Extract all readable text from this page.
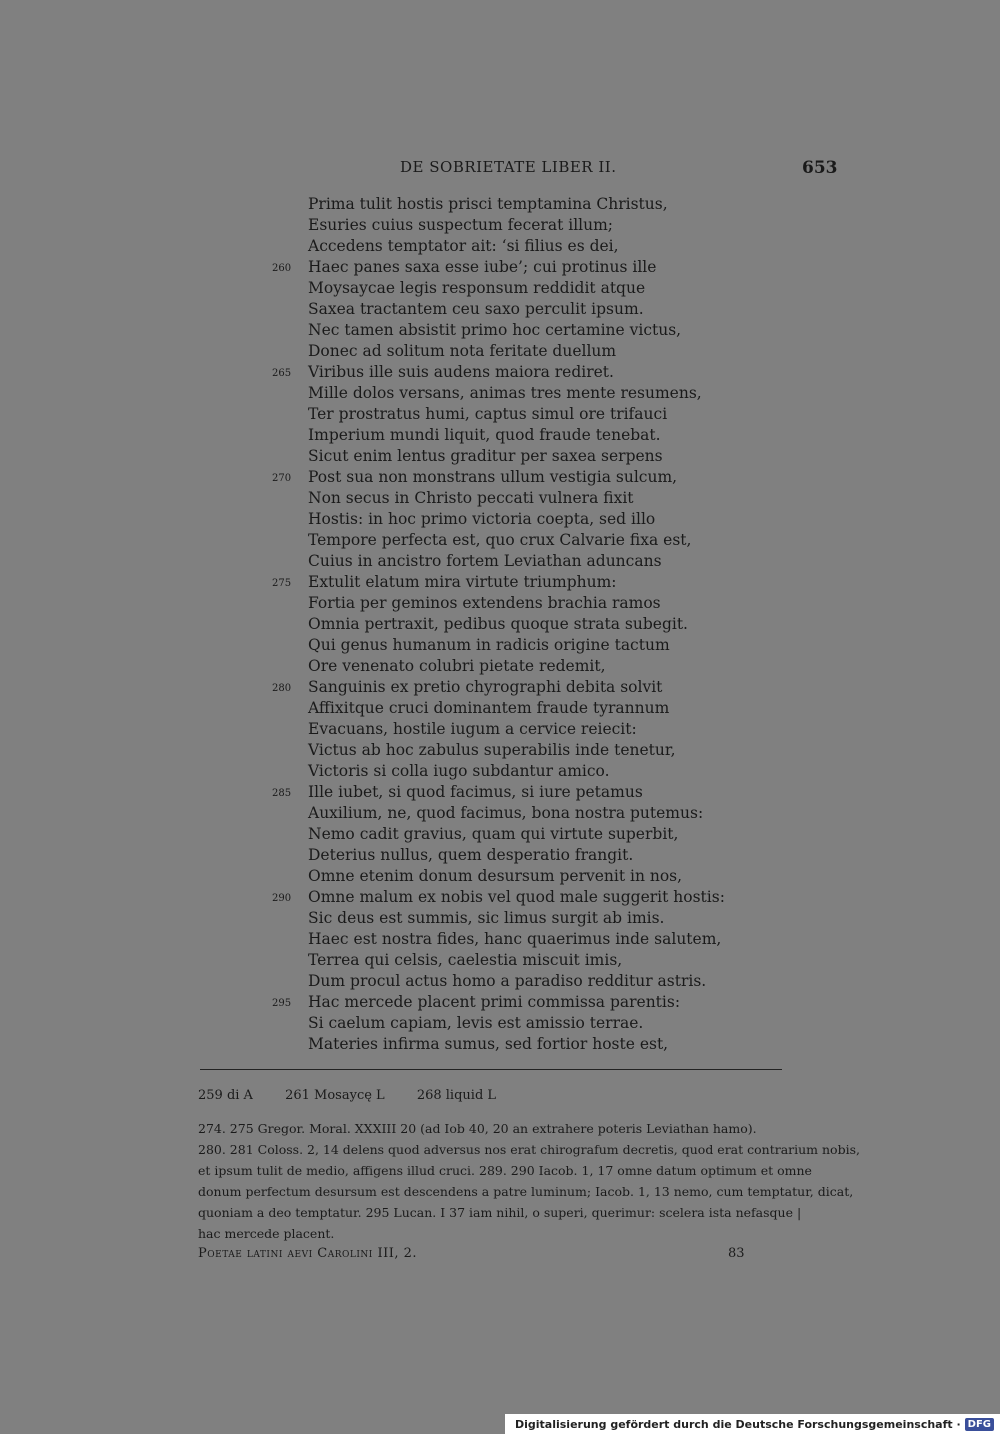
DE SOBRIETATE LIBER II.	653
Prima tulit hostis prisci temptamina Christus,
Esuries cuius suspectum fecerat illum;
Accedens temptator ait: ‘si filius es dei,
260	Haec panes saxa esse iube’; cui protinus ille
Moysaycae legis responsum reddidit atque
Saxea tractantem ceu saxo perculit ipsum.
Nec tamen absistit primo hoc certamine victus,
Donec ad solitum nota feritate duellum
265	Viribus ille suis audens maiora rediret.
Mille dolos versans, animas tres mente resumens,
Ter prostratus humi, captus simul ore trifauci
Imperium mundi liquit, quod fraude tenebat.
Sicut enim lentus graditur per saxea serpens
270	Post sua non monstrans ullum vestigia sulcum,
Non secus in Christo peccati vulnera fixit
Hostis: in hoc primo victoria coepta, sed illo
Tempore perfecta est, quo crux Calvarie fixa est,
Cuius in ancistro fortem Leviathan aduncans
275	Extulit elatum mira virtute triumphum:
Fortia per geminos extendens brachia ramos
Omnia pertraxit, pedibus quoque strata subegit.
Qui genus humanum in radicis origine tactum
Ore venenato colubri pietate redemit,
280	Sanguinis ex pretio chyrographi debita solvit
Affixitque cruci dominantem fraude tyrannum
Evacuans, hostile iugum a cervice reiecit:
Victus ab hoc zabulus superabilis inde tenetur,
Victoris si colla iugo subdantur amico.
285	Ille iubet, si quod facimus, si iure petamus
Auxilium, ne, quod facimus, bona nostra putemus:
Nemo cadit gravius, quam qui virtute superbit,
Deterius nullus, quem desperatio frangit.
Omne etenim donum desursum pervenit in nos,
290	Omne malum ex nobis vel quod male suggerit hostis:
Sic deus est summis, sic limus surgit ab imis.
Haec est nostra fides, hanc quaerimus inde salutem,
Terrea qui celsis, caelestia miscuit imis,
Dum procul actus homo a paradiso redditur astris.
295	Hac mercede placent primi commissa parentis:
Si caelum capiam, levis est amissio terrae.
Materies infirma sumus, sed fortior hoste est,
259 di A 261 Mosaycę L 268 liquid L

274. 275 Gregor. Moral. XXXIII 20 (ad Iob 40, 20 an extrahere poteris Leviathan hamo).

280. 281 Coloss. 2, 14 delens quod adversus nos erat chirografum decretis, quod erat contrarium nobis,

et ipsum tulit de medio, affigens illud cruci. 289. 290 Iacob. 1, 17 omne datum optimum et omne

donum perfectum desursum est descendens a patre luminum; Iacob. 1, 13 nemo, cum temptatur, dicat,

quoniam a deo temptatur. 295 Lucan. I 37 iam nihil, o superi, querimur: scelera ista nefasque |

hac mercede placent.

Poetae latini aevi Carolini III, 2.	83
Digitalisierung gefördert durch die Deutsche Forschungsgemeinschaft · DFG
